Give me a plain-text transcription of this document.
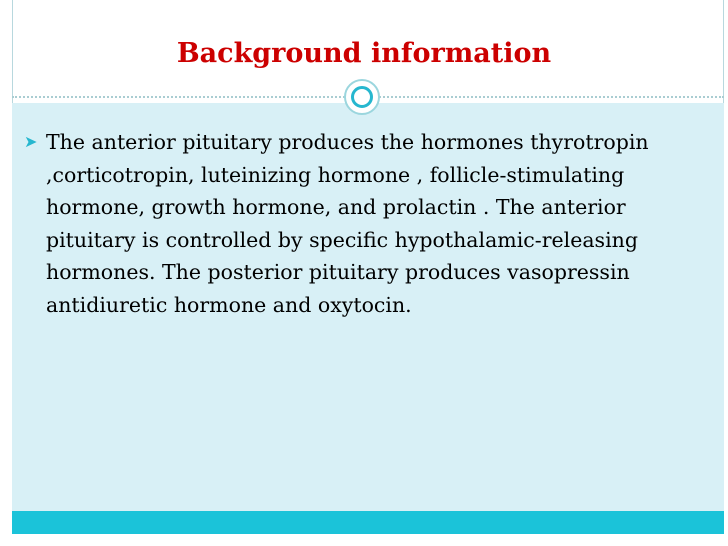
Background information
➤ The anterior pituitary produces the hormones thyrotropin ,corticotropin, luteinizing hormone , follicle-stimulating hormone, growth hormone, and prolactin . The anterior pituitary is controlled by specific hypothalamic-releasing hormones. The posterior pituitary produces vasopressin antidiuretic hormone and oxytocin.
